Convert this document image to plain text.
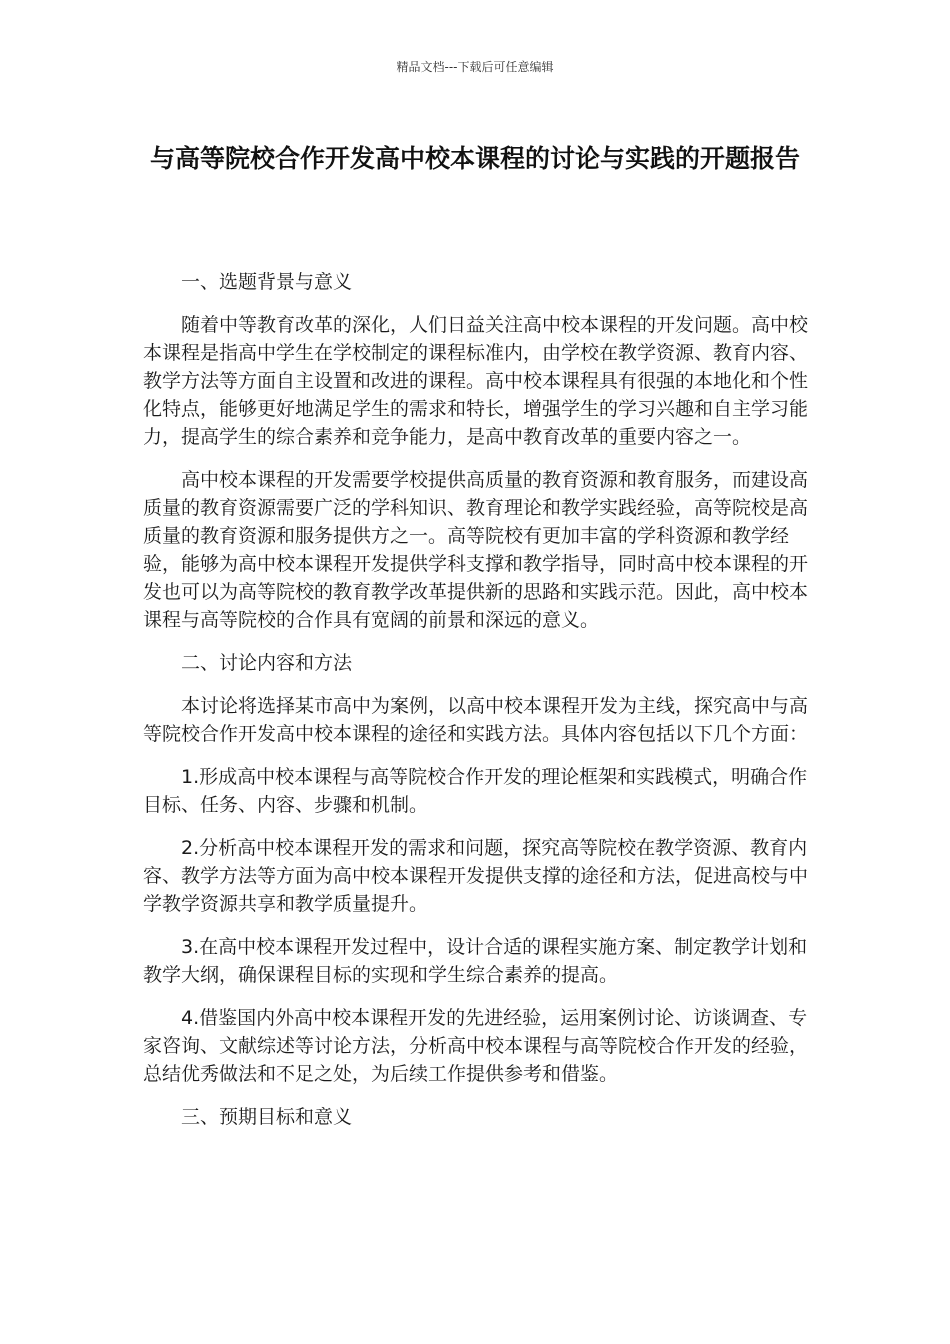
精品文档---下载后可任意编辑
与高等院校合作开发高中校本课程的讨论与实践的开题报告
一、选题背景与意义

随着中等教育改革的深化，人们日益关注高中校本课程的开发问题。高中校本课程是指高中学生在学校制定的课程标准内，由学校在教学资源、教育内容、教学方法等方面自主设置和改进的课程。高中校本课程具有很强的本地化和个性化特点，能够更好地满足学生的需求和特长，增强学生的学习兴趣和自主学习能力，提高学生的综合素养和竞争能力，是高中教育改革的重要内容之一。

高中校本课程的开发需要学校提供高质量的教育资源和教育服务，而建设高质量的教育资源需要广泛的学科知识、教育理论和教学实践经验，高等院校是高质量的教育资源和服务提供方之一。高等院校有更加丰富的学科资源和教学经验，能够为高中校本课程开发提供学科支撑和教学指导，同时高中校本课程的开发也可以为高等院校的教育教学改革提供新的思路和实践示范。因此，高中校本课程与高等院校的合作具有宽阔的前景和深远的意义。

二、讨论内容和方法

本讨论将选择某市高中为案例，以高中校本课程开发为主线，探究高中与高等院校合作开发高中校本课程的途径和实践方法。具体内容包括以下几个方面：

1.形成高中校本课程与高等院校合作开发的理论框架和实践模式，明确合作目标、任务、内容、步骤和机制。

2.分析高中校本课程开发的需求和问题，探究高等院校在教学资源、教育内容、教学方法等方面为高中校本课程开发提供支撑的途径和方法，促进高校与中学教学资源共享和教学质量提升。

3.在高中校本课程开发过程中，设计合适的课程实施方案、制定教学计划和教学大纲，确保课程目标的实现和学生综合素养的提高。

4.借鉴国内外高中校本课程开发的先进经验，运用案例讨论、访谈调查、专家咨询、文献综述等讨论方法，分析高中校本课程与高等院校合作开发的经验，总结优秀做法和不足之处，为后续工作提供参考和借鉴。

三、预期目标和意义
